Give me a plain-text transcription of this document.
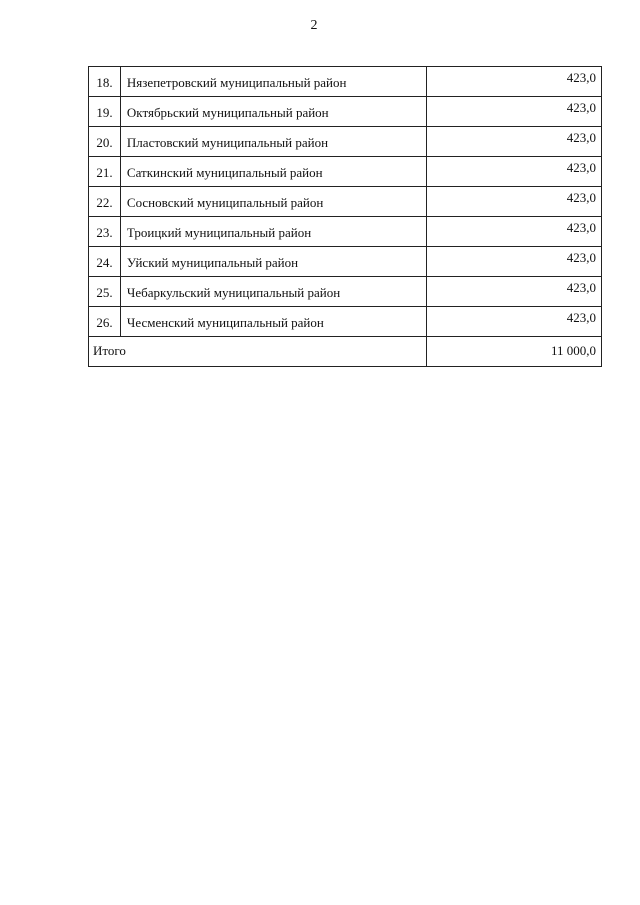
2
18.	Нязепетровский муниципальный район	423,0
19.	Октябрьский муниципальный район	423,0
20.	Пластовский муниципальный район	423,0
21.	Саткинский муниципальный район	423,0
22.	Сосновский муниципальный район	423,0
23.	Троицкий муниципальный район	423,0
24.	Уйский муниципальный район	423,0
25.	Чебаркульский муниципальный район	423,0
26.	Чесменский муниципальный район	423,0
Итого		11 000,0
